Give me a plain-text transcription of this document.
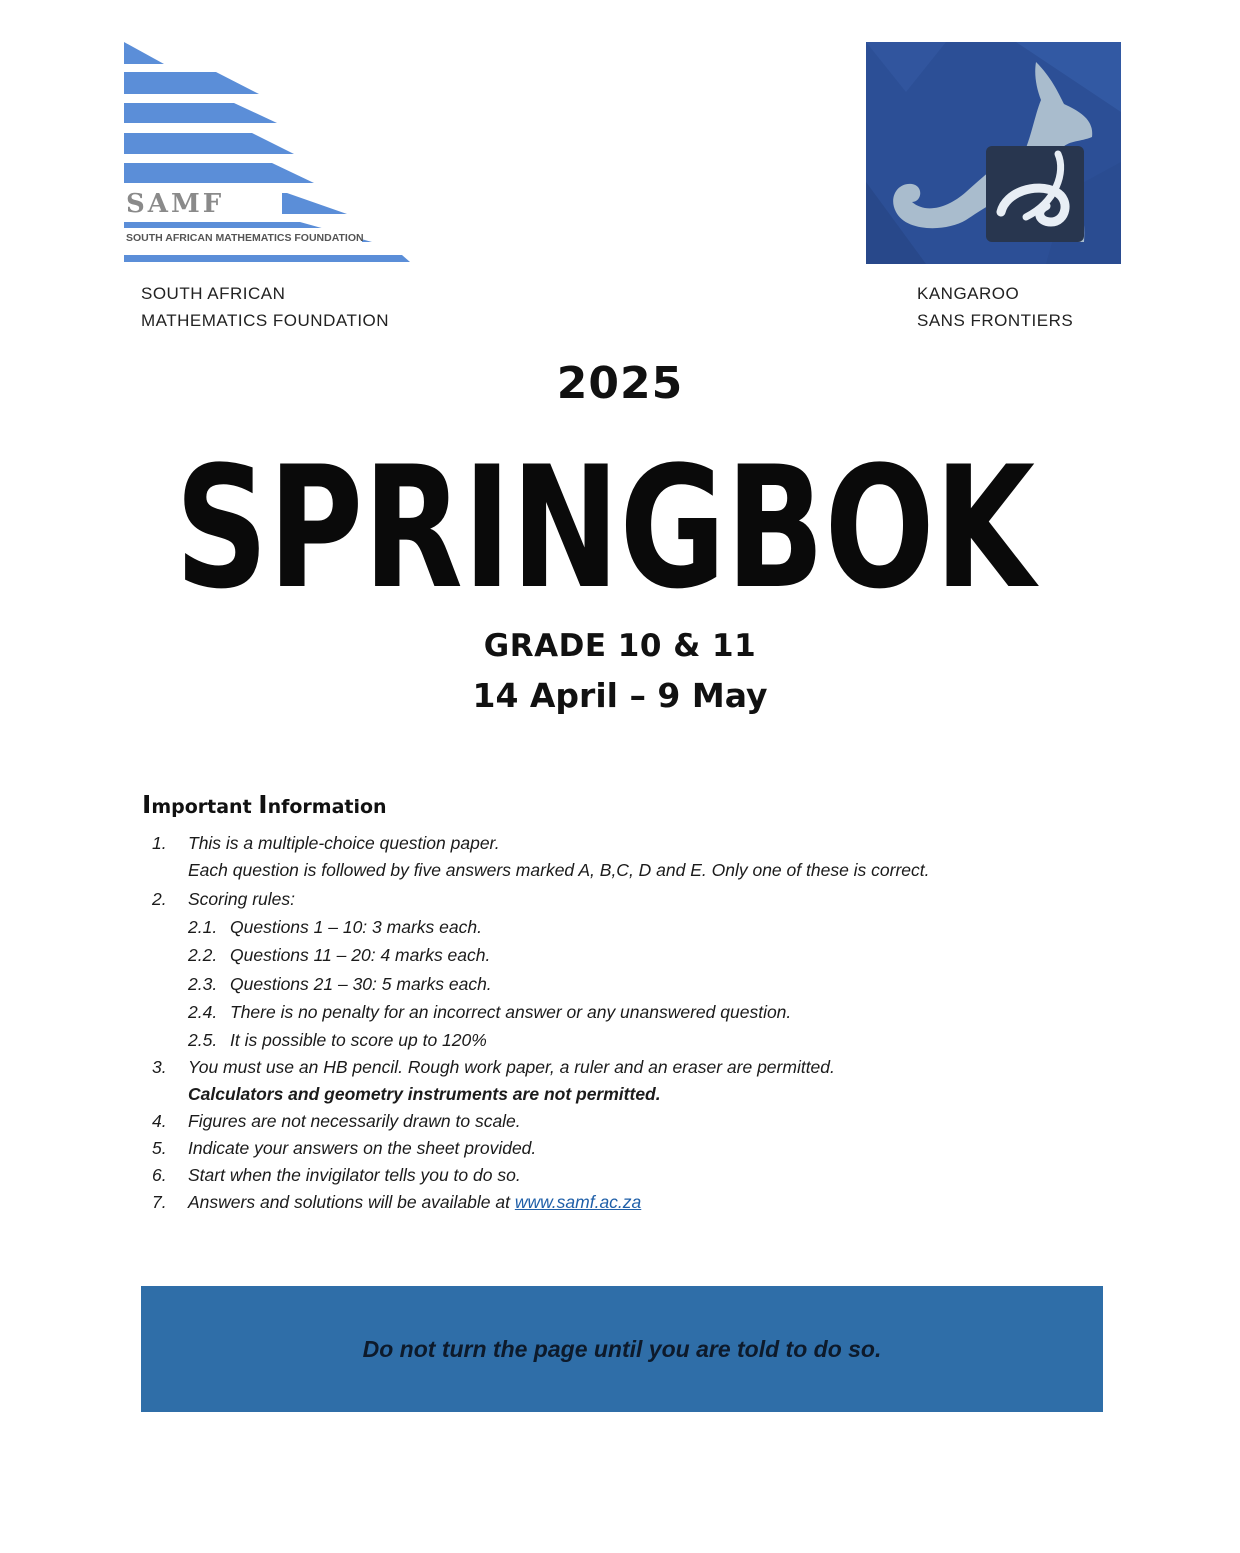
SAMF
SOUTH AFRICAN MATHEMATICS FOUNDATION
SOUTH AFRICAN
MATHEMATICS FOUNDATION
KANGAROO
SANS FRONTIERS
2025
SPRINGBOK
GRADE 10 & 11
14 April – 9 May
Important Information
1. This is a multiple-choice question paper.
Each question is followed by five answers marked A, B,C, D and E. Only one of these is correct.
2. Scoring rules:
2.1. Questions 1 – 10: 3 marks each.
2.2. Questions 11 – 20: 4 marks each.
2.3. Questions 21 – 30: 5 marks each.
2.4. There is no penalty for an incorrect answer or any unanswered question.
2.5. It is possible to score up to 120%
3. You must use an HB pencil. Rough work paper, a ruler and an eraser are permitted.
Calculators and geometry instruments are not permitted.
4. Figures are not necessarily drawn to scale.
5. Indicate your answers on the sheet provided.
6. Start when the invigilator tells you to do so.
7. Answers and solutions will be available at www.samf.ac.za
Do not turn the page until you are told to do so.
